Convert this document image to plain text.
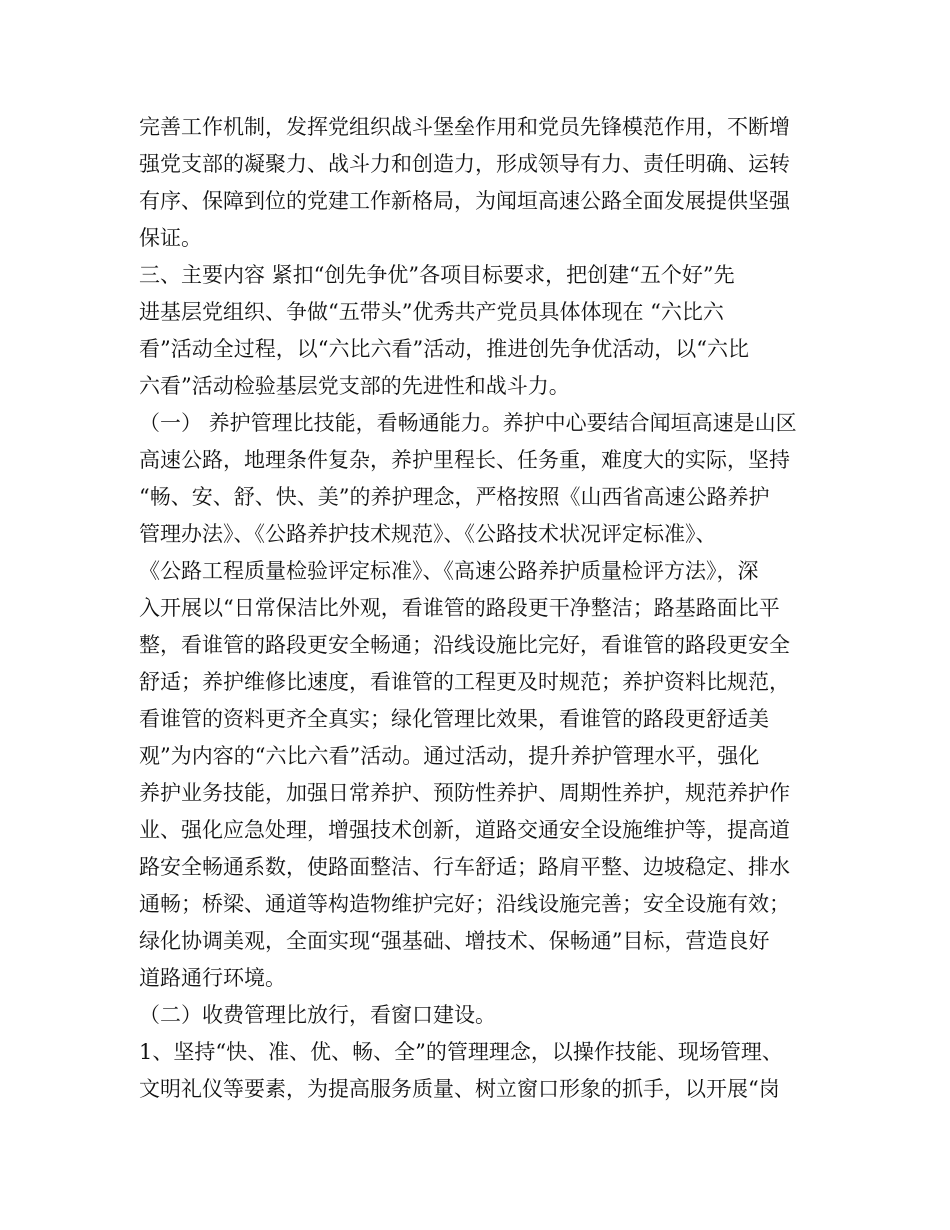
完善工作机制，发挥党组织战斗堡垒作用和党员先锋模范作用，不断增
强党支部的凝聚力、战斗力和创造力，形成领导有力、责任明确、运转
有序、保障到位的党建工作新格局，为闻垣高速公路全面发展提供坚强
保证。
三、主要内容 紧扣“创先争优”各项目标要求，把创建“五个好”先
进基层党组织、争做“五带头”优秀共产党员具体体现在 “六比六
看”活动全过程，以“六比六看”活动，推进创先争优活动，以“六比
六看”活动检验基层党支部的先进性和战斗力。
（一） 养护管理比技能，看畅通能力。养护中心要结合闻垣高速是山区
高速公路，地理条件复杂，养护里程长、任务重，难度大的实际，坚持
“畅、安、舒、快、美”的养护理念，严格按照《山西省高速公路养护
管理办法》、《公路养护技术规范》、《公路技术状况评定标准》、
《公路工程质量检验评定标准》、《高速公路养护质量检评方法》，深
入开展以“日常保洁比外观，看谁管的路段更干净整洁；路基路面比平
整，看谁管的路段更安全畅通；沿线设施比完好，看谁管的路段更安全
舒适；养护维修比速度，看谁管的工程更及时规范；养护资料比规范，
看谁管的资料更齐全真实；绿化管理比效果，看谁管的路段更舒适美
观”为内容的“六比六看”活动。通过活动，提升养护管理水平，强化
养护业务技能，加强日常养护、预防性养护、周期性养护，规范养护作
业、强化应急处理，增强技术创新，道路交通安全设施维护等，提高道
路安全畅通系数，使路面整洁、行车舒适；路肩平整、边坡稳定、排水
通畅；桥梁、通道等构造物维护完好；沿线设施完善；安全设施有效；
绿化协调美观，全面实现“强基础、增技术、保畅通”目标，营造良好
道路通行环境。
（二）收费管理比放行，看窗口建设。
1、坚持“快、准、优、畅、全”的管理理念，以操作技能、现场管理、
文明礼仪等要素，为提高服务质量、树立窗口形象的抓手，以开展“岗
